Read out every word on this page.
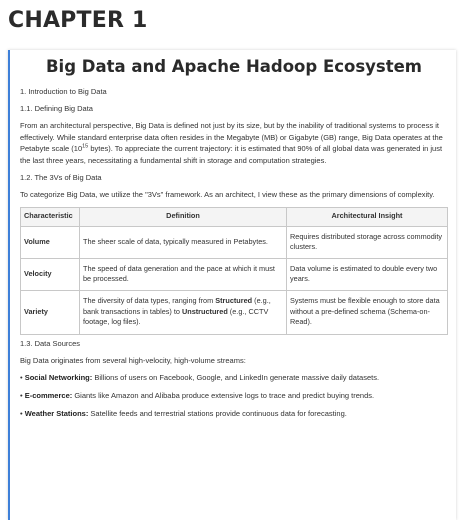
CHAPTER 1
Big Data and Apache Hadoop Ecosystem
1. Introduction to Big Data
1.1. Defining Big Data
From an architectural perspective, Big Data is defined not just by its size, but by the inability of traditional systems to process it effectively. While standard enterprise data often resides in the Megabyte (MB) or Gigabyte (GB) range, Big Data operates at the Petabyte scale ($10^{15}$ bytes). To appreciate the current trajectory: it is estimated that 90% of all global data was generated in just the last three years, necessitating a fundamental shift in storage and computation strategies.
1.2. The 3Vs of Big Data
To categorize Big Data, we utilize the "3Vs" framework. As an architect, I view these as the primary dimensions of complexity.
Characteristic	Definition	Architectural Insight
Volume	The sheer scale of data, typically measured in Petabytes.	Requires distributed storage across commodity clusters.
Velocity	The speed of data generation and the pace at which it must be processed.	Data volume is estimated to double every two years.
Variety	The diversity of data types, ranging from Structured (e.g., bank transactions in tables) to Unstructured (e.g., CCTV footage, log files).	Systems must be flexible enough to store data without a pre-defined schema (Schema-on-Read).
1.3. Data Sources
Big Data originates from several high-velocity, high-volume streams:
• Social Networking: Billions of users on Facebook, Google, and LinkedIn generate massive daily datasets.
• E-commerce: Giants like Amazon and Alibaba produce extensive logs to trace and predict buying trends.
• Weather Stations: Satellite feeds and terrestrial stations provide continuous data for forecasting.
